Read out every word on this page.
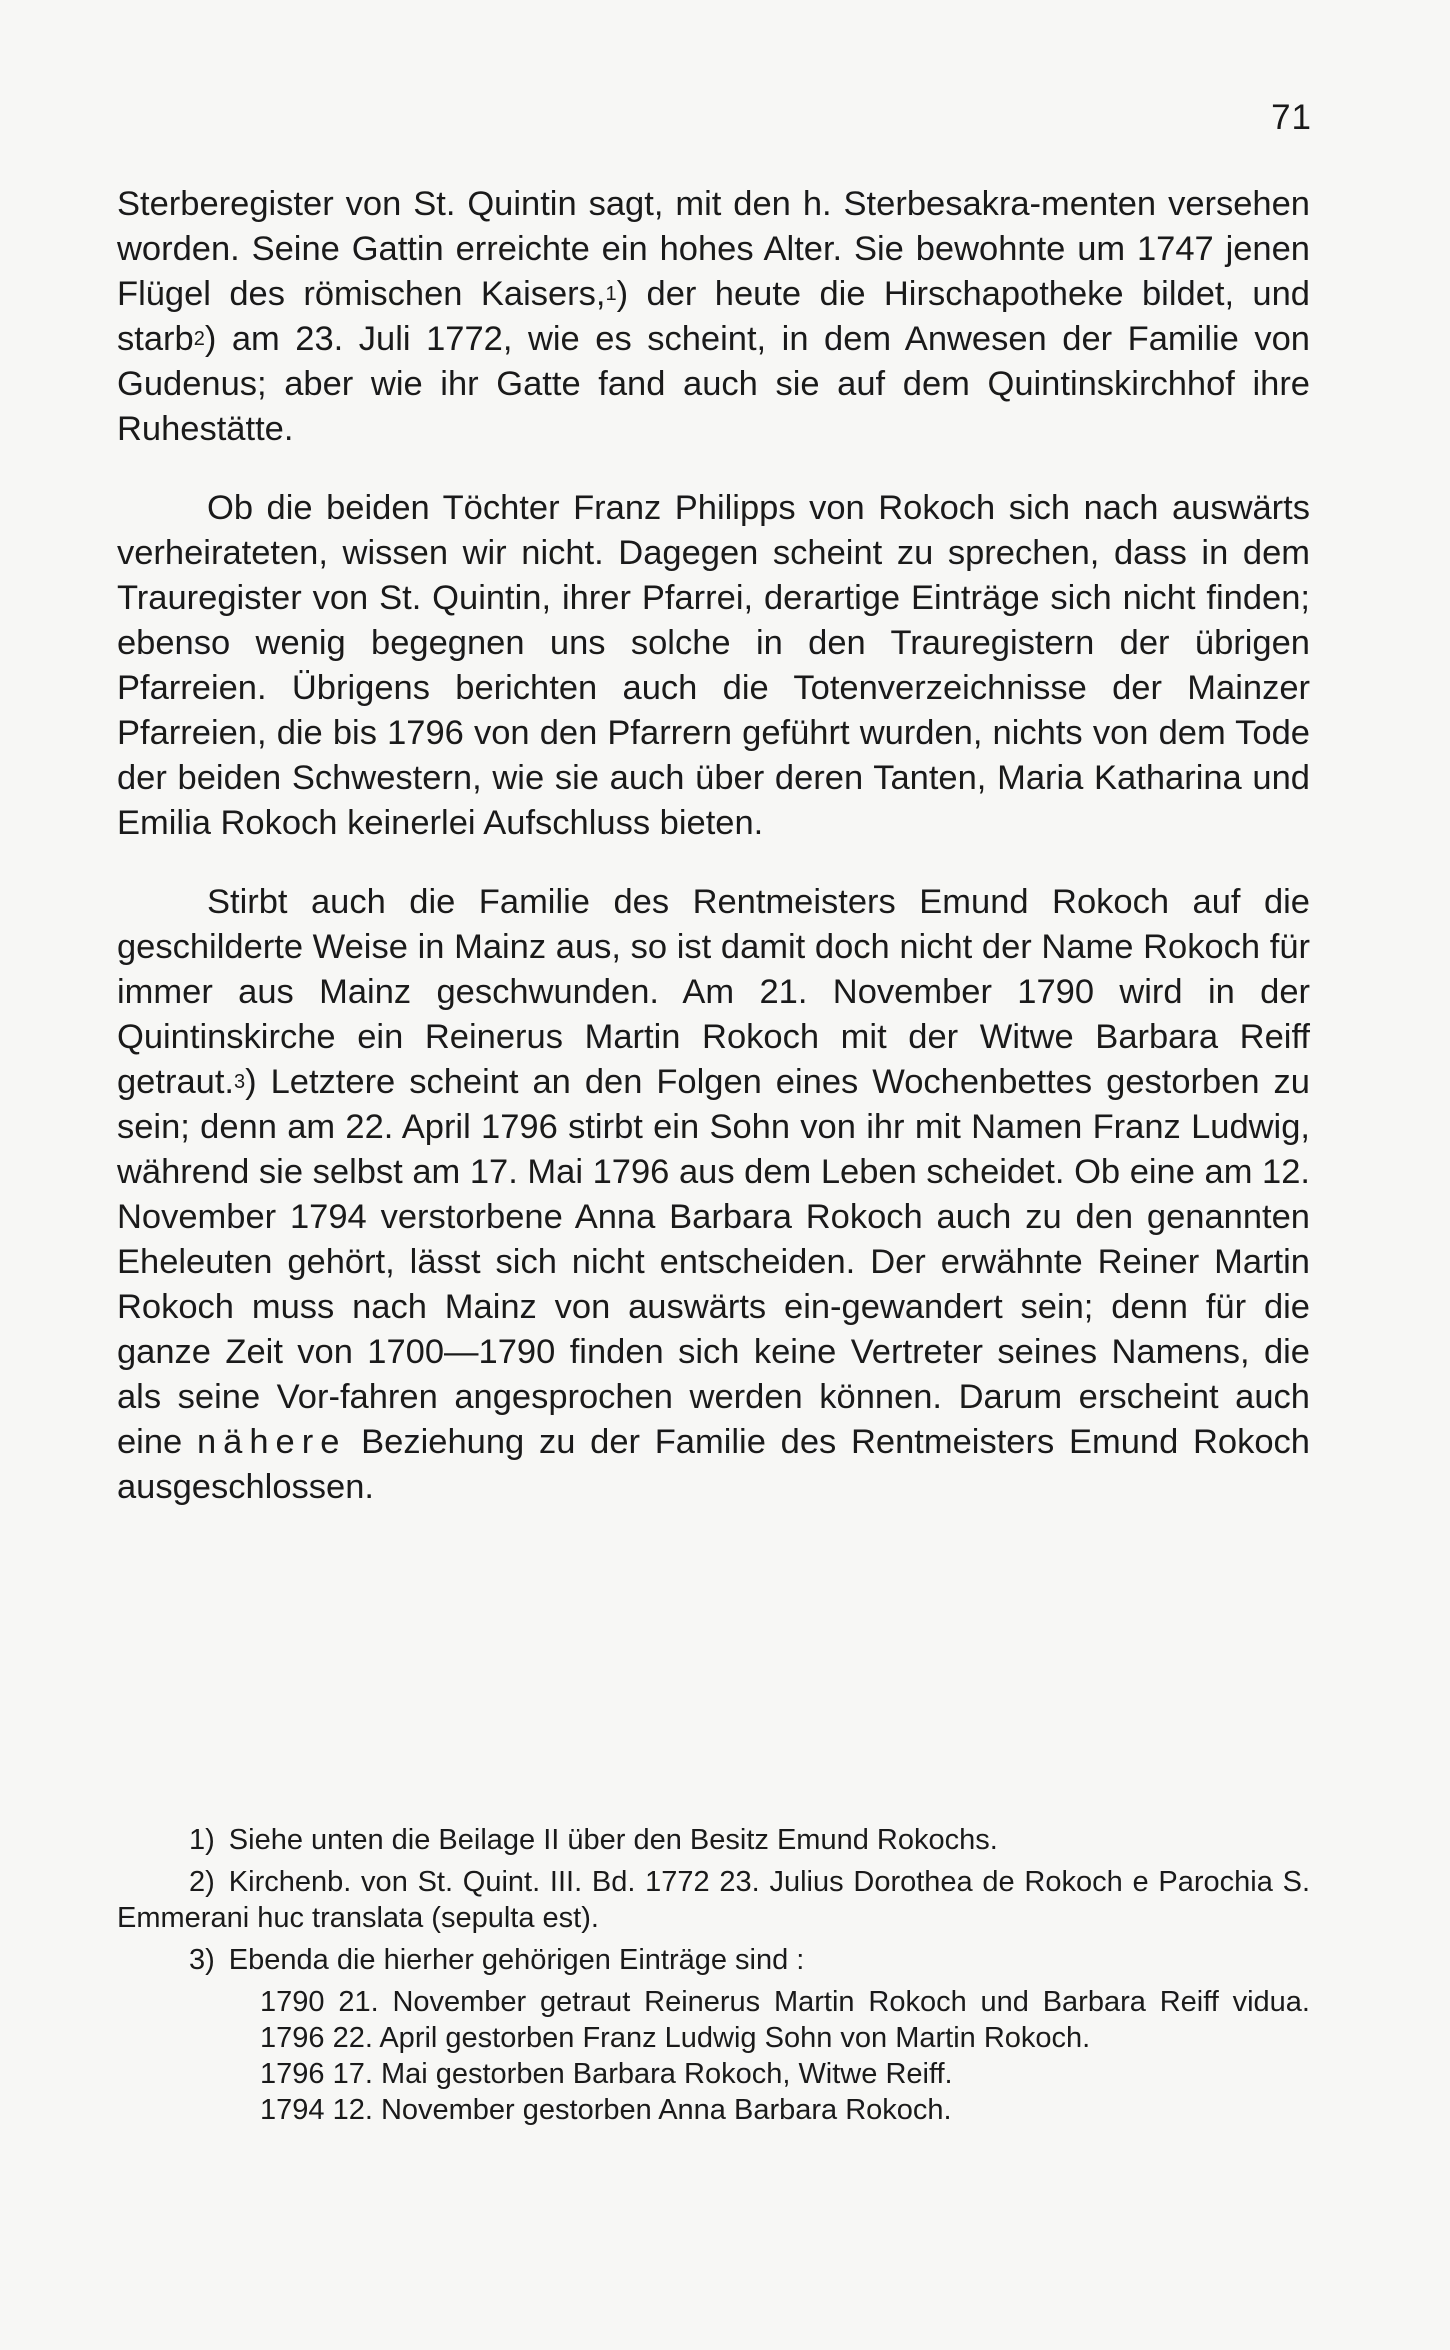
71

Sterberegister von St. Quintin sagt, mit den h. Sterbesakra-menten versehen worden. Seine Gattin erreichte ein hohes Alter. Sie bewohnte um 1747 jenen Flügel des römischen Kaisers,$^1$) der heute die Hirschapotheke bildet, und starb$^2$) am 23. Juli 1772, wie es scheint, in dem Anwesen der Familie von Gudenus; aber wie ihr Gatte fand auch sie auf dem Quintinskirchhof ihre Ruhestätte.

Ob die beiden Töchter Franz Philipps von Rokoch sich nach auswärts verheirateten, wissen wir nicht. Dagegen scheint zu sprechen, dass in dem Trauregister von St. Quintin, ihrer Pfarrei, derartige Einträge sich nicht finden; ebenso wenig begegnen uns solche in den Trauregistern der übrigen Pfarreien. Übrigens berichten auch die Totenverzeichnisse der Mainzer Pfarreien, die bis 1796 von den Pfarrern geführt wurden, nichts von dem Tode der beiden Schwestern, wie sie auch über deren Tanten, Maria Katharina und Emilia Rokoch keinerlei Aufschluss bieten.

Stirbt auch die Familie des Rentmeisters Emund Rokoch auf die geschilderte Weise in Mainz aus, so ist damit doch nicht der Name Rokoch für immer aus Mainz geschwunden. Am 21. November 1790 wird in der Quintinskirche ein Reinerus Martin Rokoch mit der Witwe Barbara Reiff getraut.$^3$) Letztere scheint an den Folgen eines Wochenbettes gestorben zu sein; denn am 22. April 1796 stirbt ein Sohn von ihr mit Namen Franz Ludwig, während sie selbst am 17. Mai 1796 aus dem Leben scheidet. Ob eine am 12. November 1794 verstorbene Anna Barbara Rokoch auch zu den genannten Eheleuten gehört, lässt sich nicht entscheiden. Der erwähnte Reiner Martin Rokoch muss nach Mainz von auswärts ein-gewandert sein; denn für die ganze Zeit von 1700—1790 finden sich keine Vertreter seines Namens, die als seine Vor-fahren angesprochen werden können. Darum erscheint auch eine nähere Beziehung zu der Familie des Rentmeisters Emund Rokoch ausgeschlossen.

1) Siehe unten die Beilage II über den Besitz Emund Rokochs.

2) Kirchenb. von St. Quint. III. Bd. 1772 23. Julius Dorothea de Rokoch e Parochia S. Emmerani huc translata (sepulta est).

3) Ebenda die hierher gehörigen Einträge sind :

1790 21. November getraut Reinerus Martin Rokoch und Barbara Reiff vidua. 1796 22. April gestorben Franz Ludwig Sohn von Martin Rokoch.

1796 17. Mai gestorben Barbara Rokoch, Witwe Reiff.

1794 12. November gestorben Anna Barbara Rokoch.
